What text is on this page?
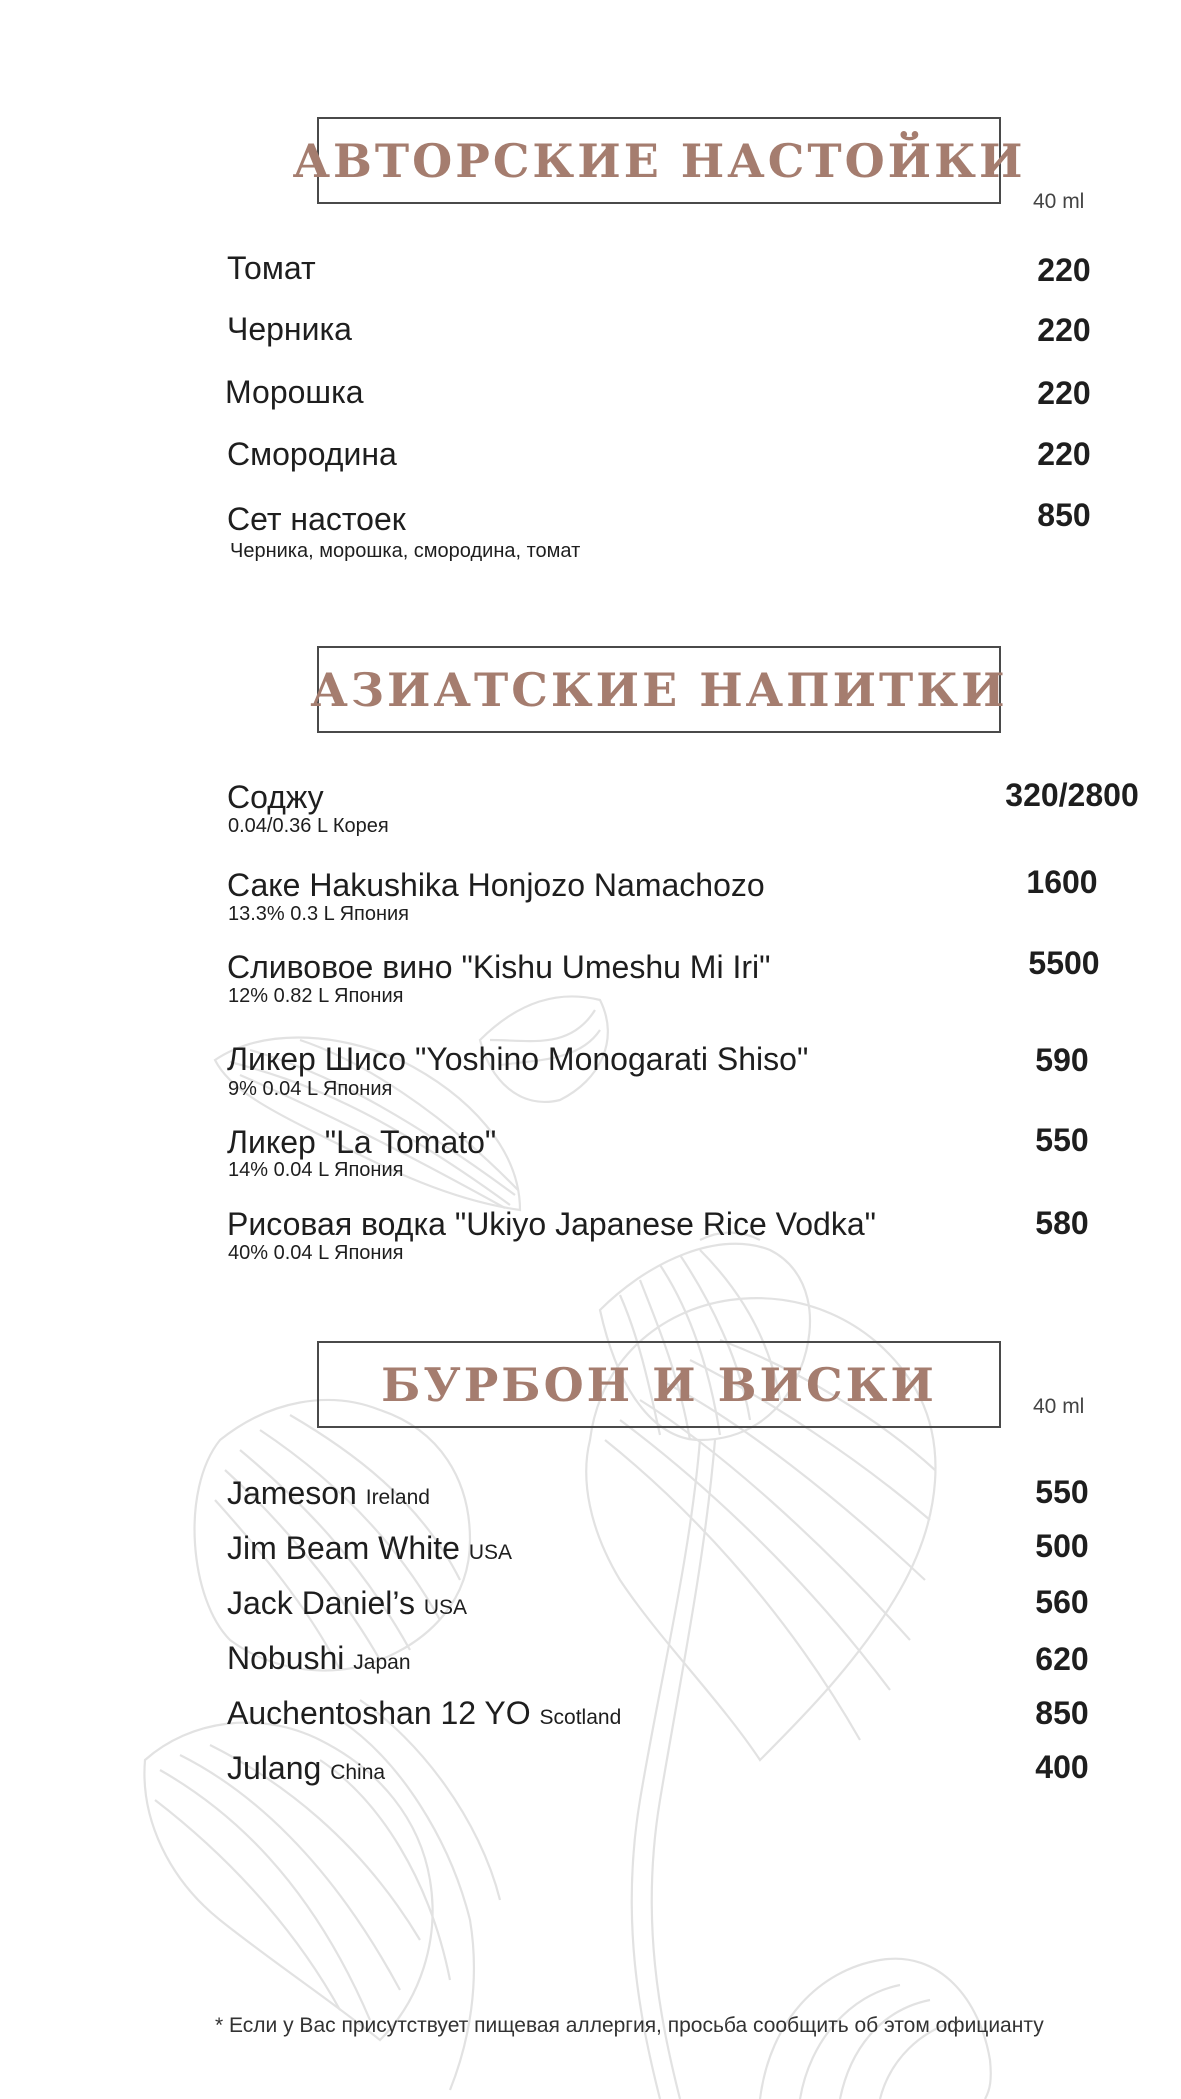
АВТОРСКИЕ НАСТОЙКИ
40 ml
Томат	220
Черника	220
Морошка	220
Смородина	220
Сет настоек
Черника, морошка, смородина, томат
850
АЗИАТСКИЕ НАПИТКИ
Соджу
0.04/0.36 L Корея
320/2800
Саке Hakushika Honjozo Namachozo
13.3% 0.3 L Япония
1600
Сливовое вино "Kishu Umeshu Mi Iri"
12% 0.82 L Япония
5500
Ликер Шисо "Yoshino Monogarati Shiso"
9% 0.04 L Япония
590
Ликер "La Tomato"
14% 0.04 L Япония
550
Рисовая водка "Ukiyo Japanese Rice Vodka"
40% 0.04 L Япония
580
БУРБОН И ВИСКИ	40 ml
Jameson Ireland	550
Jim Beam White USA	500
Jack Daniel’s USA	560
Nobushi Japan	620
Auchentoshan 12 YO Scotland	850
Julang China	400
* Если у Вас присутствует пищевая аллергия, просьба сообщить об этом официанту
